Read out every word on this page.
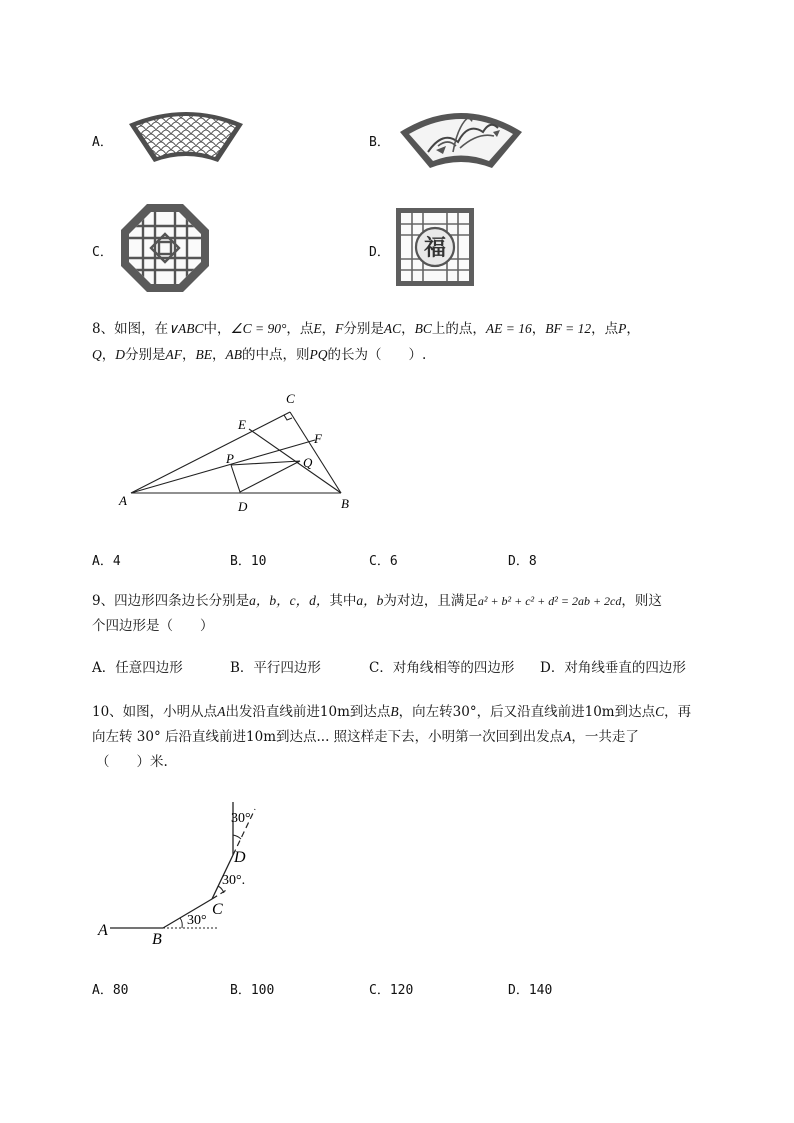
A．	B．
C．	D． 福
8、如图，在∨ABC中，∠C = 90°，点E，F分别是AC，BC上的点，AE = 16，BF = 12，点P，
Q，D分别是AF，BE，AB的中点，则PQ的长为（　　）.
C
E
F
P	Q
A	D	B
A．4	B．10	C．6	D．8
9、四边形四条边长分别是a，b，c，d，其中a，b为对边，且满足a² + b² + c² + d² = 2ab + 2cd，则这
个四边形是（　　）
A．任意四边形	B．平行四边形	C．对角线相等的四边形 D．对角线垂直的四边形
10、如图，小明从点A出发沿直线前进10m到达点B，向左转30°，后又沿直线前进10m到达点C，再
向左转 30° 后沿直线前进10m到达点... 照这样走下去，小明第一次回到出发点A，一共走了
（　　）米.
A
B
C
D
30°
30°.
30°
A．80	B．100	C．120	D．140
